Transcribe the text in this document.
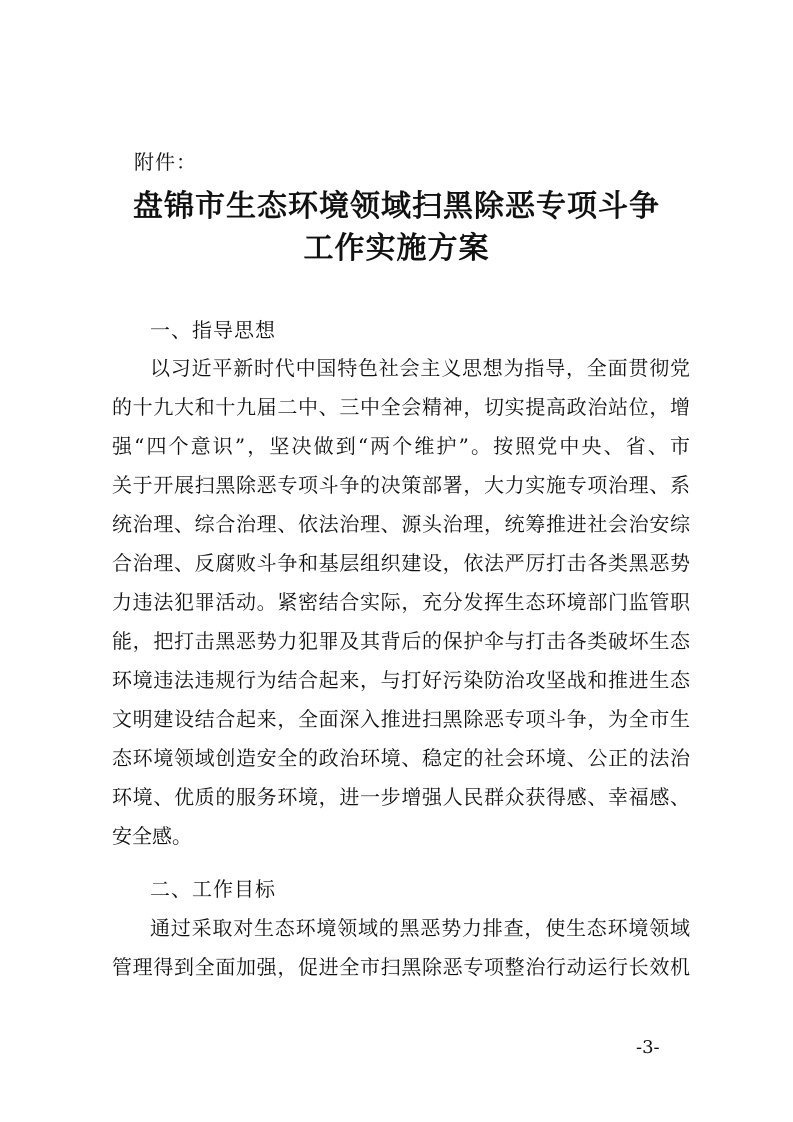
附件：
盘锦市生态环境领域扫黑除恶专项斗争
工作实施方案
一、指导思想
以习近平新时代中国特色社会主义思想为指导，全面贯彻党
的十九大和十九届二中、三中全会精神，切实提高政治站位，增
强“四个意识”，坚决做到“两个维护”。按照党中央、省、市
关于开展扫黑除恶专项斗争的决策部署，大力实施专项治理、系
统治理、综合治理、依法治理、源头治理，统筹推进社会治安综
合治理、反腐败斗争和基层组织建设，依法严厉打击各类黑恶势
力违法犯罪活动。紧密结合实际，充分发挥生态环境部门监管职
能，把打击黑恶势力犯罪及其背后的保护伞与打击各类破坏生态
环境违法违规行为结合起来，与打好污染防治攻坚战和推进生态
文明建设结合起来，全面深入推进扫黑除恶专项斗争，为全市生
态环境领域创造安全的政治环境、稳定的社会环境、公正的法治
环境、优质的服务环境，进一步增强人民群众获得感、幸福感、
安全感。
二、工作目标
通过采取对生态环境领域的黑恶势力排查，使生态环境领域
管理得到全面加强，促进全市扫黑除恶专项整治行动运行长效机
-3-
